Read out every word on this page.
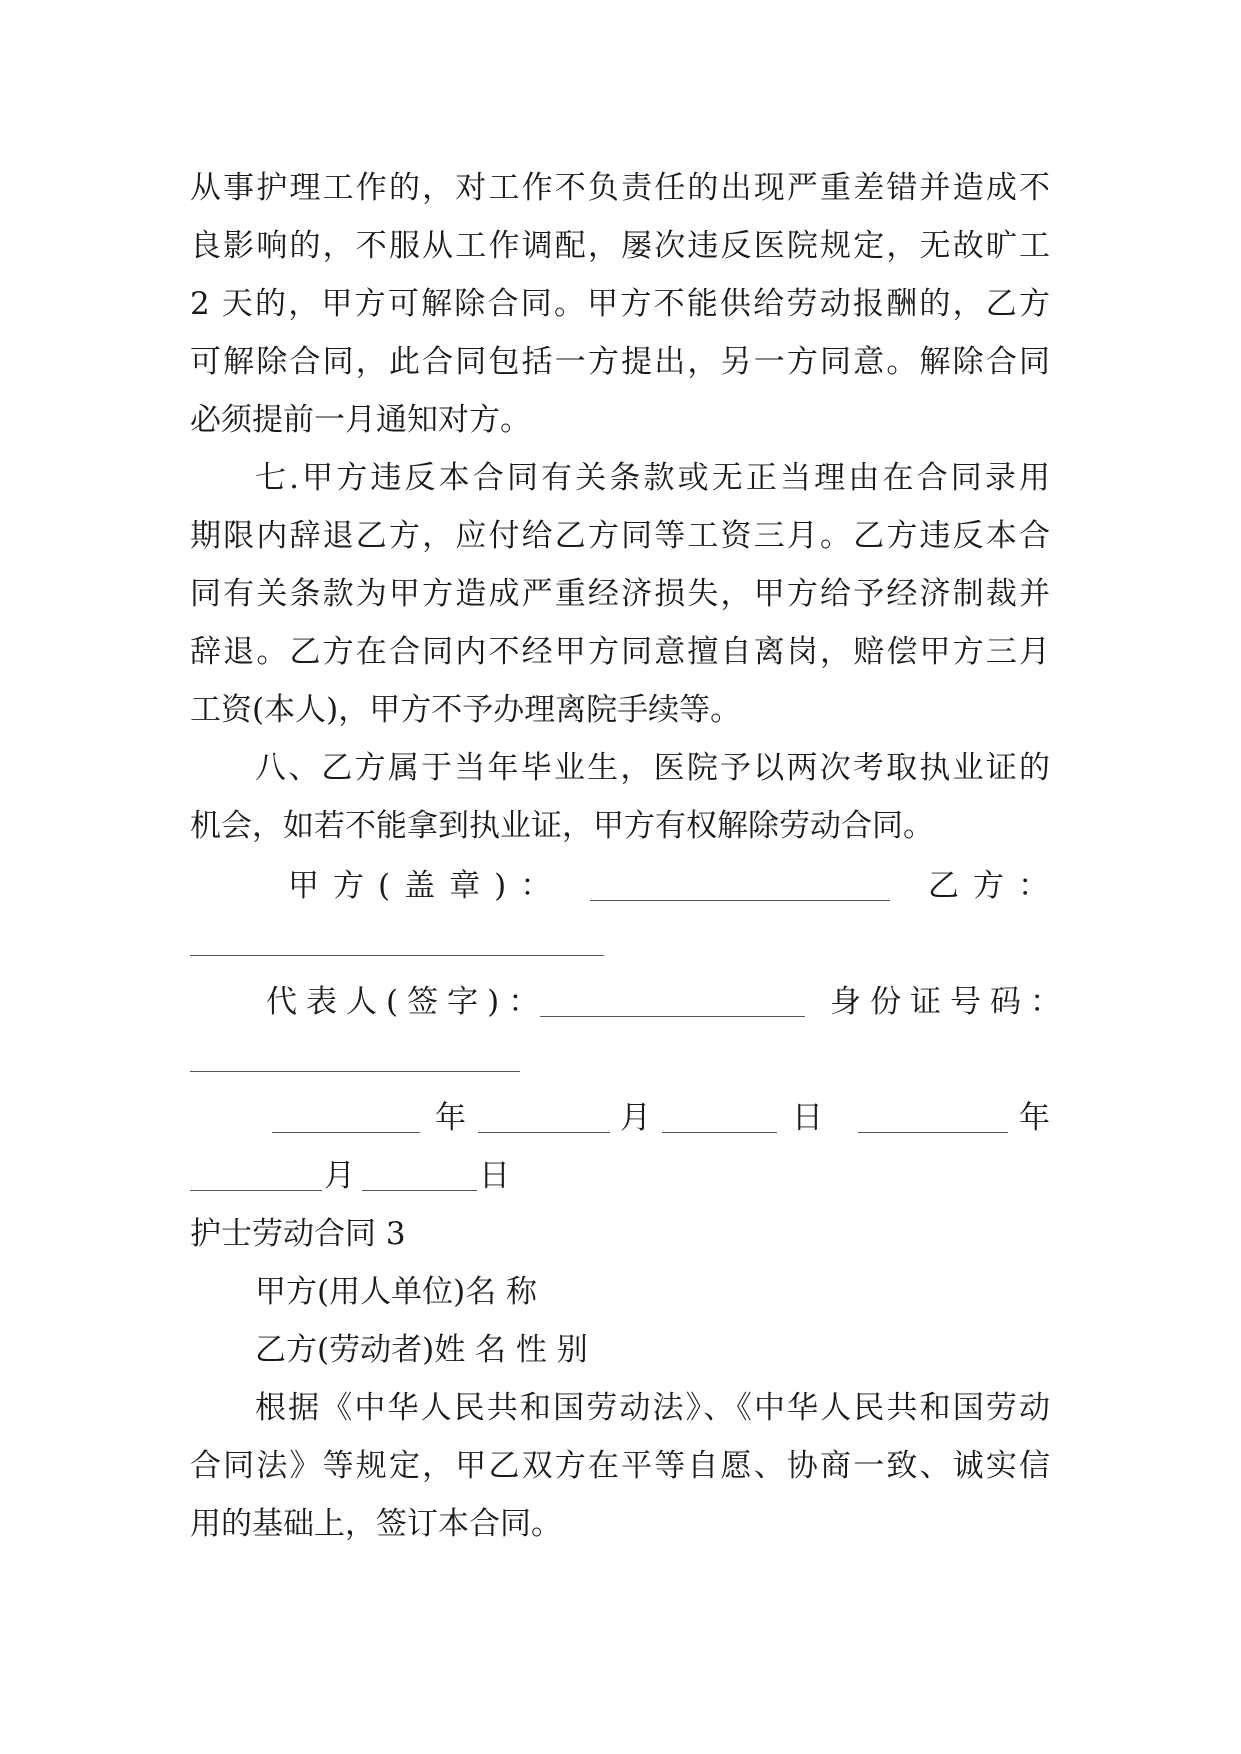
从事护理工作的，对工作不负责任的出现严重差错并造成不
良影响的，不服从工作调配，屡次违反医院规定，无故旷工
2 天的，甲方可解除合同。甲方不能供给劳动报酬的，乙方
可解除合同，此合同包括一方提出，另一方同意。解除合同
必须提前一月通知对方。
七.甲方违反本合同有关条款或无正当理由在合同录用
期限内辞退乙方，应付给乙方同等工资三月。乙方违反本合
同有关条款为甲方造成严重经济损失，甲方给予经济制裁并
辞退。乙方在合同内不经甲方同意擅自离岗，赔偿甲方三月
工资(本人)，甲方不予办理离院手续等。
八、乙方属于当年毕业生，医院予以两次考取执业证的
机会，如若不能拿到执业证，甲方有权解除劳动合同。
甲方(盖章)：	乙方：
代表人(签字)：	身份证号码：
年	月	日	年
月	日
护士劳动合同 3
甲方(用人单位)名 称
乙方(劳动者)姓 名 性 别
根据《中华人民共和国劳动法》、《中华人民共和国劳动
合同法》等规定，甲乙双方在平等自愿、协商一致、诚实信
用的基础上，签订本合同。
